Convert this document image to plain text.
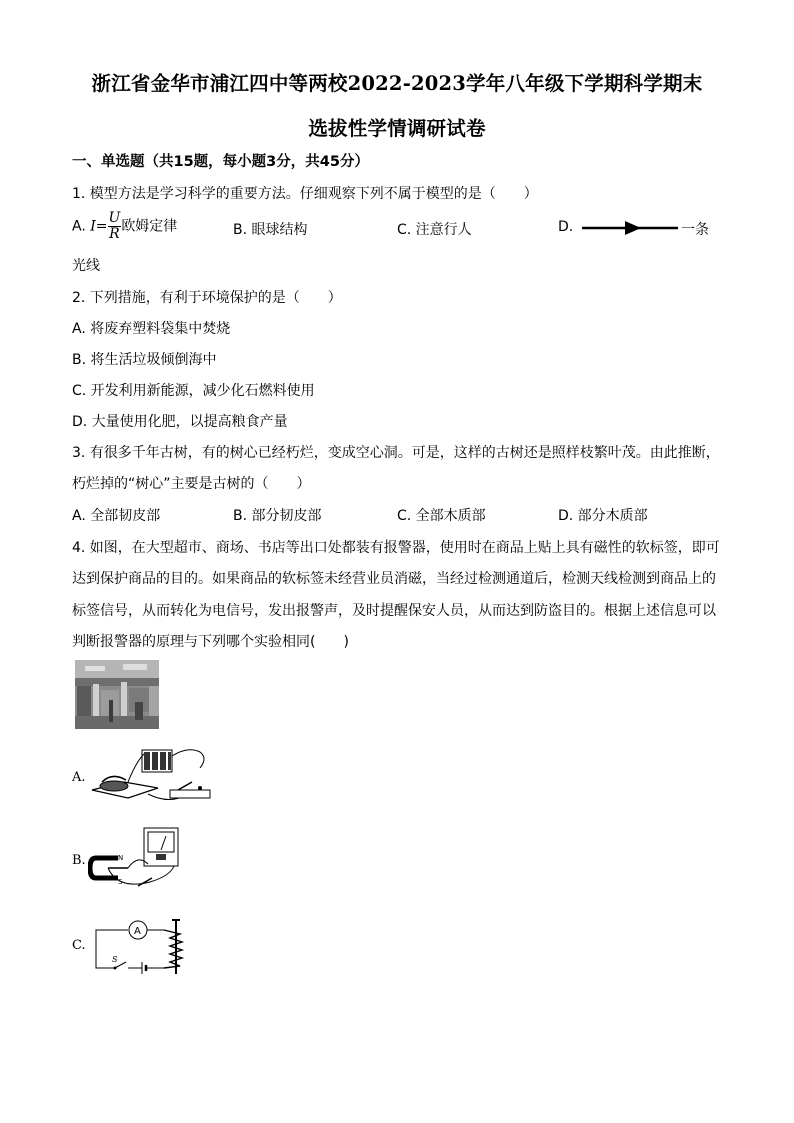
浙江省金华市浦江四中等两校2022-2023学年八年级下学期科学期末
选拔性学情调研试卷
一、单选题（共15题，每小题3分，共45分）
1. 模型方法是学习科学的重要方法。仔细观察下列不属于模型的是（　　）
A. $I= \frac{U}{R}$ 欧姆定律	B. 眼球结构	C. 注意行人	D.	一条
光线
2. 下列措施，有利于环境保护的是（　　）
A. 将废弃塑料袋集中焚烧
B. 将生活垃圾倾倒海中
C. 开发利用新能源，减少化石燃料使用
D. 大量使用化肥，以提高粮食产量
3. 有很多千年古树，有的树心已经朽烂，变成空心洞。可是，这样的古树还是照样枝繁叶茂。由此推断，
朽烂掉的“树心”主要是古树的（　　）
A. 全部韧皮部	B. 部分韧皮部	C. 全部木质部	D. 部分木质部
4. 如图，在大型超市、商场、书店等出口处都装有报警器，使用时在商品上贴上具有磁性的软标签，即可
达到保护商品的目的。如果商品的软标签未经营业员消磁，当经过检测通道后，检测天线检测到商品上的
标签信号，从而转化为电信号，发出报警声，及时提醒保安人员，从而达到防盗目的。根据上述信息可以
判断报警器的原理与下列哪个实验相同(　　)
A.
B.	N
S
C.
A
S
